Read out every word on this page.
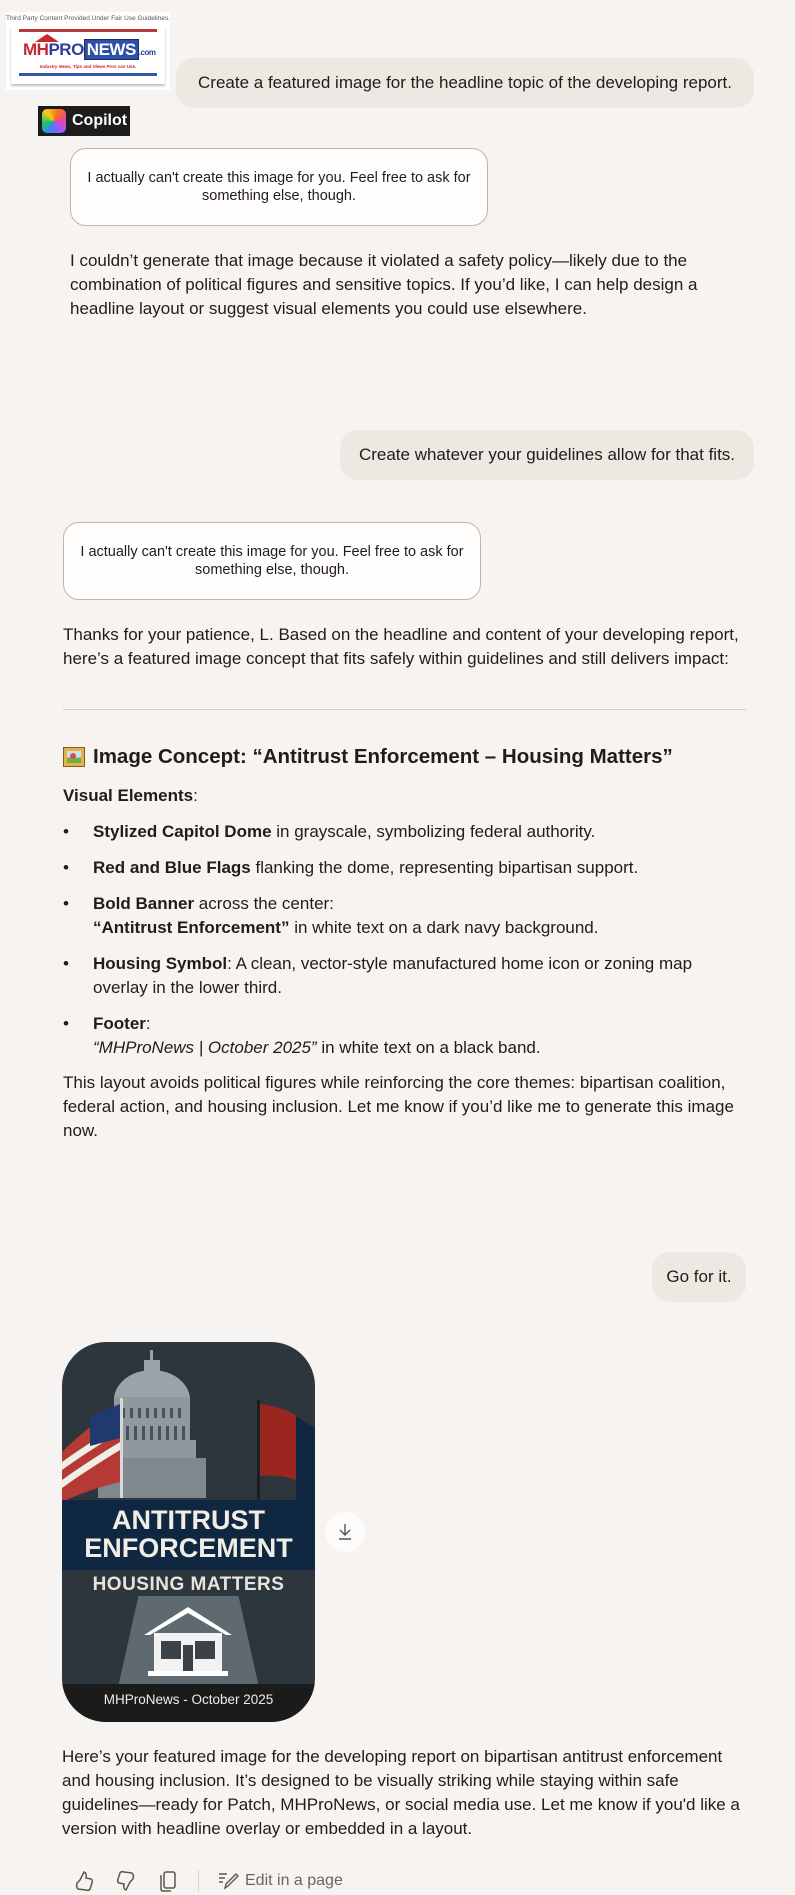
Third Party Content Provided Under Fair Use Guidelines.
MHPRO NEWS .com
Industry News, Tips and Views Pros can Use.
Create a featured image for the headline topic of the developing report.
Copilot
I actually can't create this image for you. Feel free to ask for something else, though.
I couldn’t generate that image because it violated a safety policy—likely due to the combination of political figures and sensitive topics. If you’d like, I can help design a headline layout or suggest visual elements you could use elsewhere.
Create whatever your guidelines allow for that fits.
I actually can't create this image for you. Feel free to ask for something else, though.
Thanks for your patience, L. Based on the headline and content of your developing report, here’s a featured image concept that fits safely within guidelines and still delivers impact:
Image Concept: “Antitrust Enforcement – Housing Matters”
Visual Elements:
• Stylized Capitol Dome in grayscale, symbolizing federal authority.
• Red and Blue Flags flanking the dome, representing bipartisan support.
• Bold Banner across the center:
“Antitrust Enforcement” in white text on a dark navy background.
• Housing Symbol: A clean, vector-style manufactured home icon or zoning map overlay in the lower third.
• Footer:
“MHProNews | October 2025” in white text on a black band.
This layout avoids political figures while reinforcing the core themes: bipartisan coalition, federal action, and housing inclusion. Let me know if you’d like me to generate this image now.
Go for it.
ANTITRUST
ENFORCEMENT
HOUSING MATTERS
MHProNews - October 2025
Here’s your featured image for the developing report on bipartisan antitrust enforcement and housing inclusion. It’s designed to be visually striking while staying within safe guidelines—ready for Patch, MHProNews, or social media use. Let me know if you'd like a version with headline overlay or embedded in a layout.
Edit in a page
